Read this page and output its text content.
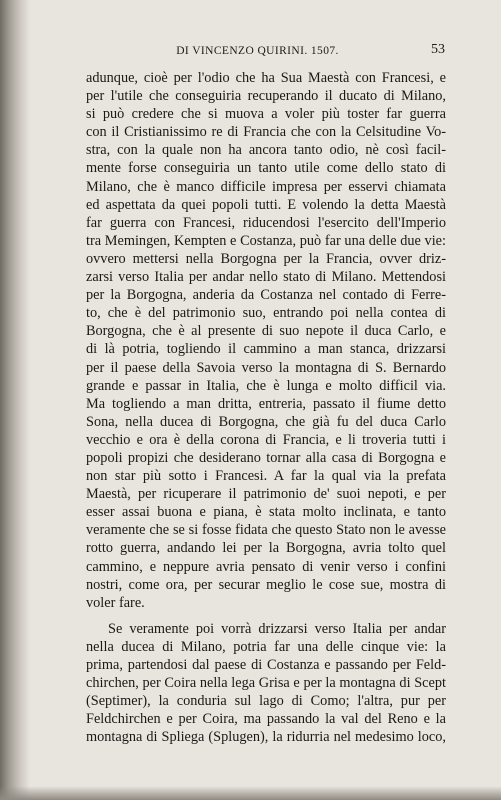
DI VINCENZO QUIRINI. 1507.	53
adunque, cioè per l'odio che ha Sua Maestà con Francesi, e
per l'utile che conseguiria recuperando il ducato di Milano,
si può credere che si muova a voler più toster far guerra
con il Cristianissimo re di Francia che con la Celsitudine Vo-
stra, con la quale non ha ancora tanto odio, nè così facil-
mente forse conseguiria un tanto utile come dello stato di
Milano, che è manco difficile impresa per esservi chiamata
ed aspettata da quei popoli tutti. E volendo la detta Maestà
far guerra con Francesi, riducendosi l'esercito dell'Imperio
tra Memingen, Kempten e Costanza, può far una delle due vie:
ovvero mettersi nella Borgogna per la Francia, ovver driz-
zarsi verso Italia per andar nello stato di Milano. Mettendosi
per la Borgogna, anderia da Costanza nel contado di Ferre-
to, che è del patrimonio suo, entrando poi nella contea di
Borgogna, che è al presente di suo nepote il duca Carlo, e
di là potria, togliendo il cammino a man stanca, drizzarsi
per il paese della Savoia verso la montagna di S. Bernardo
grande e passar in Italia, che è lunga e molto difficil via.
Ma togliendo a man dritta, entreria, passato il fiume detto
Sona, nella ducea di Borgogna, che già fu del duca Carlo
vecchio e ora è della corona di Francia, e li troveria tutti i
popoli propizi che desiderano tornar alla casa di Borgogna e
non star più sotto i Francesi. A far la qual via la prefata
Maestà, per ricuperare il patrimonio de' suoi nepoti, e per
esser assai buona e piana, è stata molto inclinata, e tanto
veramente che se si fosse fidata che questo Stato non le avesse
rotto guerra, andando lei per la Borgogna, avria tolto quel
cammino, e neppure avria pensato di venir verso i confini
nostri, come ora, per securar meglio le cose sue, mostra di
voler fare.
Se veramente poi vorrà drizzarsi verso Italia per andar
nella ducea di Milano, potria far una delle cinque vie: la
prima, partendosi dal paese di Costanza e passando per Feld-
chirchen, per Coira nella lega Grisa e per la montagna di Scept
(Septimer), la conduria sul lago di Como; l'altra, pur per
Feldchirchen e per Coira, ma passando la val del Reno e la
montagna di Spliega (Splugen), la ridurria nel medesimo loco,
